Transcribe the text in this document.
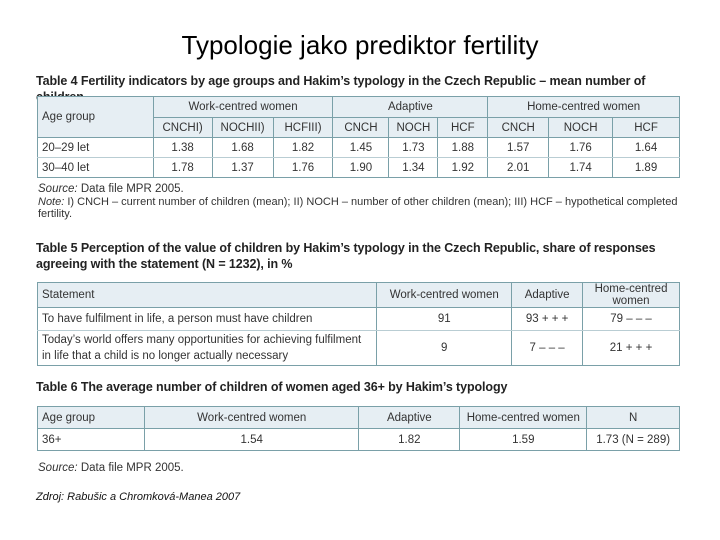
Typologie jako prediktor fertility
Table 4 Fertility indicators by age groups and Hakim’s typology in the Czech Republic – mean number of children
Age group	Work-centred women			Adaptive			Home-centred women		
	CNCHI)	NOCHII)	HCFIII)	CNCH	NOCH	HCF	CNCH	NOCH	HCF
20–29 let	1.38	1.68	1.82	1.45	1.73	1.88	1.57	1.76	1.64
30–40 let	1.78	1.37	1.76	1.90	1.34	1.92	2.01	1.74	1.89
Source: Data file MPR 2005.
Note: I) CNCH – current number of children (mean); II) NOCH – number of other children (mean); III) HCF – hypothetical completed
fertility.
Table 5 Perception of the value of children by Hakim’s typology in the Czech Republic, share of responses agreeing with the statement (N = 1232), in %
Statement	Work-centred women	Adaptive	Home-centred women
To have fulfilment in life, a person must have children	91	93 + + +	79 – – –
Today’s world offers many opportunities for achieving fulfilment in life that a child is no longer actually necessary	9	7 – – –	21 + + +
Table 6 The average number of children of women aged 36+ by Hakim’s typology
Age group	Work-centred women	Adaptive	Home-centred women	N
36+	1.54	1.82	1.59	1.73 (N = 289)
Source: Data file MPR 2005.
Zdroj: Rabušic a Chromková-Manea 2007
